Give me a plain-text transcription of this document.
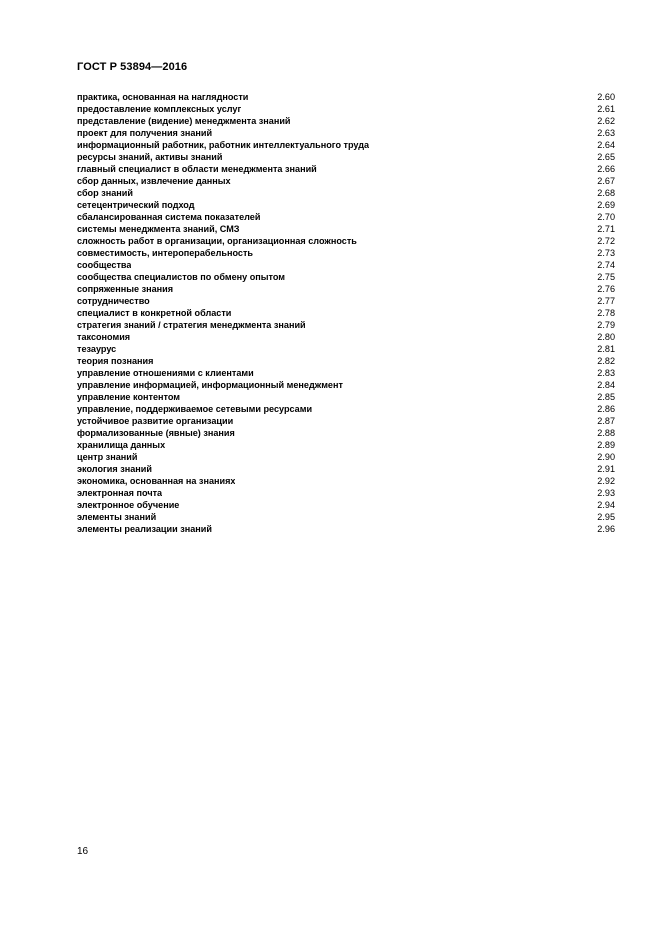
ГОСТ Р 53894—2016
практика, основанная на наглядности	2.60
предоставление комплексных услуг	2.61
представление (видение) менеджмента знаний	2.62
проект для получения знаний	2.63
информационный работник, работник интеллектуального труда	2.64
ресурсы знаний, активы знаний	2.65
главный специалист в области менеджмента знаний	2.66
сбор данных, извлечение данных	2.67
сбор знаний	2.68
сетецентрический подход	2.69
сбалансированная система показателей	2.70
системы менеджмента знаний, СМЗ	2.71
сложность работ в организации, организационная сложность	2.72
совместимость, интероперабельность	2.73
сообщества	2.74
сообщества специалистов по обмену опытом	2.75
сопряженные знания	2.76
сотрудничество	2.77
специалист в конкретной области	2.78
стратегия знаний / стратегия менеджмента знаний	2.79
таксономия	2.80
тезаурус	2.81
теория познания	2.82
управление отношениями с клиентами	2.83
управление информацией, информационный менеджмент	2.84
управление контентом	2.85
управление, поддерживаемое сетевыми ресурсами	2.86
устойчивое развитие организации	2.87
формализованные (явные) знания	2.88
хранилища данных	2.89
центр знаний	2.90
экология знаний	2.91
экономика, основанная на знаниях	2.92
электронная почта	2.93
электронное обучение	2.94
элементы знаний	2.95
элементы реализации знаний	2.96
16
